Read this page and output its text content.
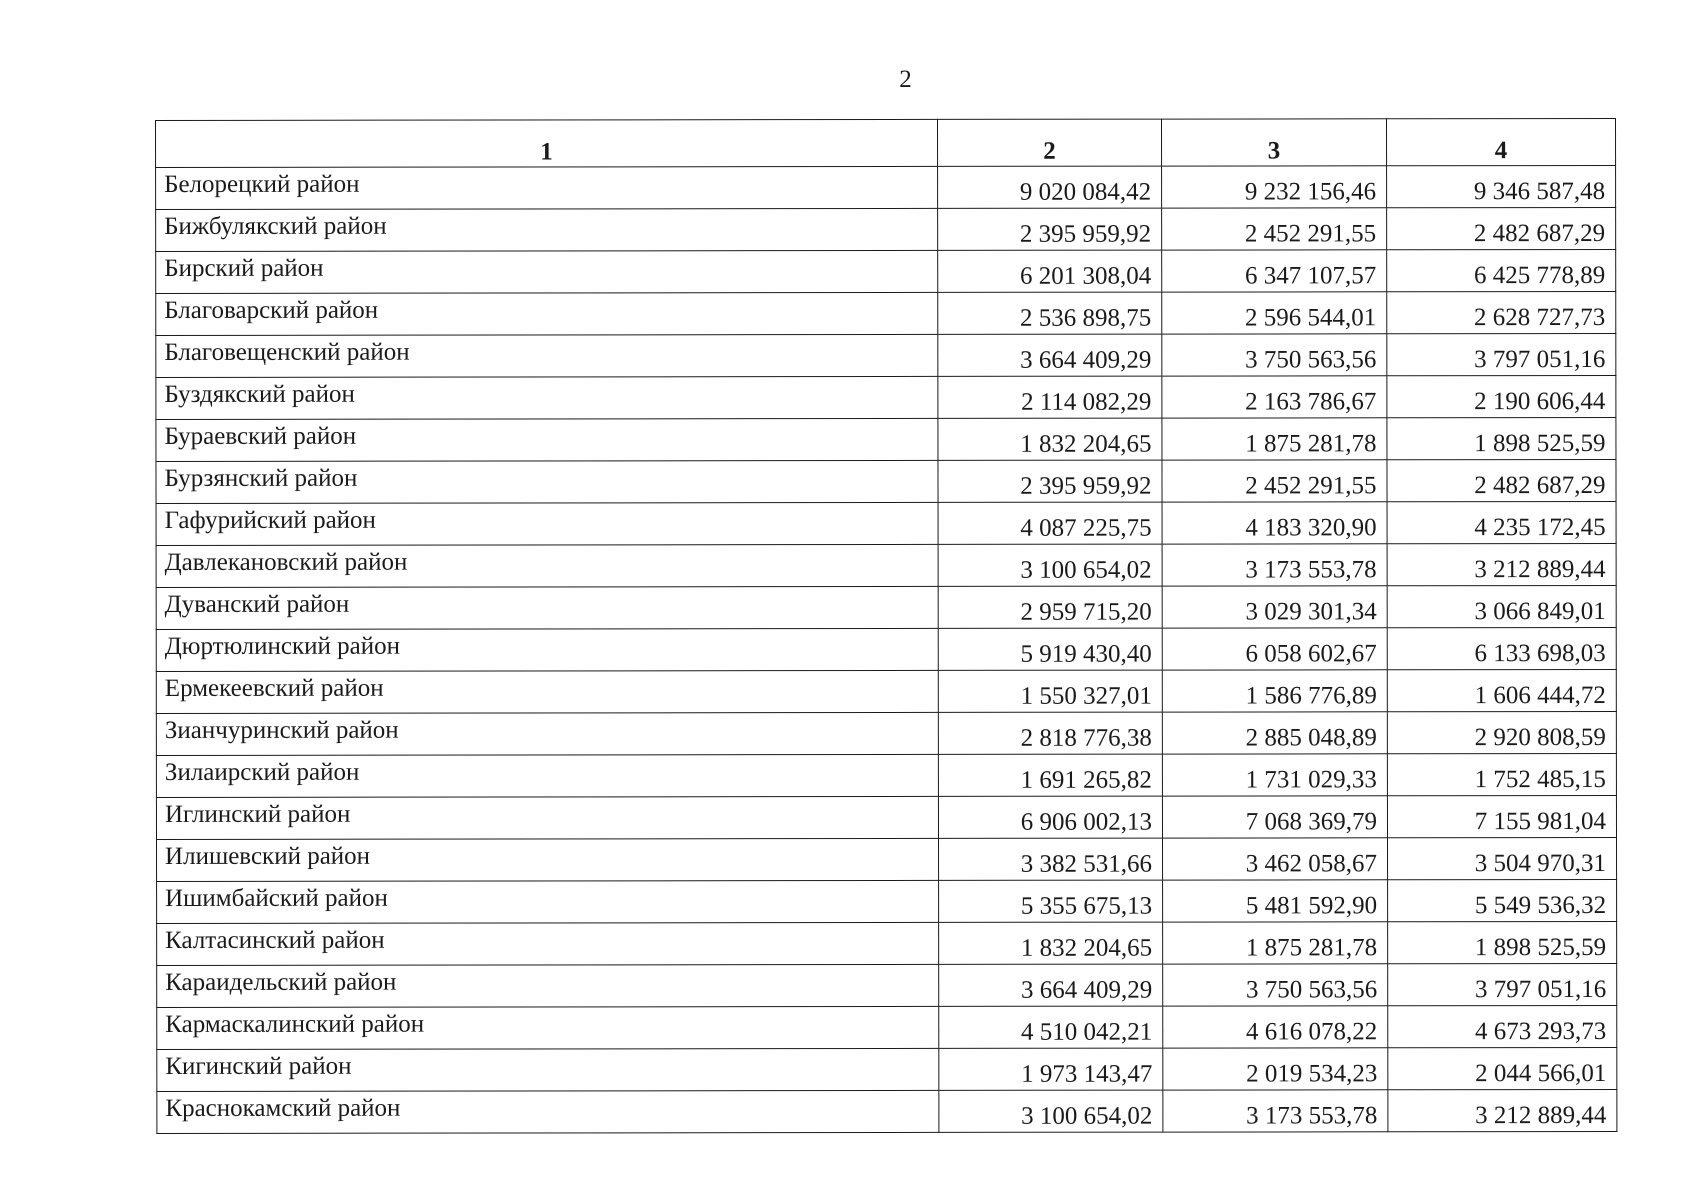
2
1	2	3	4
Белорецкий район	9 020 084,42	9 232 156,46	9 346 587,48
Бижбулякский район	2 395 959,92	2 452 291,55	2 482 687,29
Бирский район	6 201 308,04	6 347 107,57	6 425 778,89
Благоварский район	2 536 898,75	2 596 544,01	2 628 727,73
Благовещенский район	3 664 409,29	3 750 563,56	3 797 051,16
Буздякский район	2 114 082,29	2 163 786,67	2 190 606,44
Бураевский район	1 832 204,65	1 875 281,78	1 898 525,59
Бурзянский район	2 395 959,92	2 452 291,55	2 482 687,29
Гафурийский район	4 087 225,75	4 183 320,90	4 235 172,45
Давлекановский район	3 100 654,02	3 173 553,78	3 212 889,44
Дуванский район	2 959 715,20	3 029 301,34	3 066 849,01
Дюртюлинский район	5 919 430,40	6 058 602,67	6 133 698,03
Ермекеевский район	1 550 327,01	1 586 776,89	1 606 444,72
Зианчуринский район	2 818 776,38	2 885 048,89	2 920 808,59
Зилаирский район	1 691 265,82	1 731 029,33	1 752 485,15
Иглинский район	6 906 002,13	7 068 369,79	7 155 981,04
Илишевский район	3 382 531,66	3 462 058,67	3 504 970,31
Ишимбайский район	5 355 675,13	5 481 592,90	5 549 536,32
Калтасинский район	1 832 204,65	1 875 281,78	1 898 525,59
Караидельский район	3 664 409,29	3 750 563,56	3 797 051,16
Кармаскалинский район	4 510 042,21	4 616 078,22	4 673 293,73
Кигинский район	1 973 143,47	2 019 534,23	2 044 566,01
Краснокамский район	3 100 654,02	3 173 553,78	3 212 889,44
